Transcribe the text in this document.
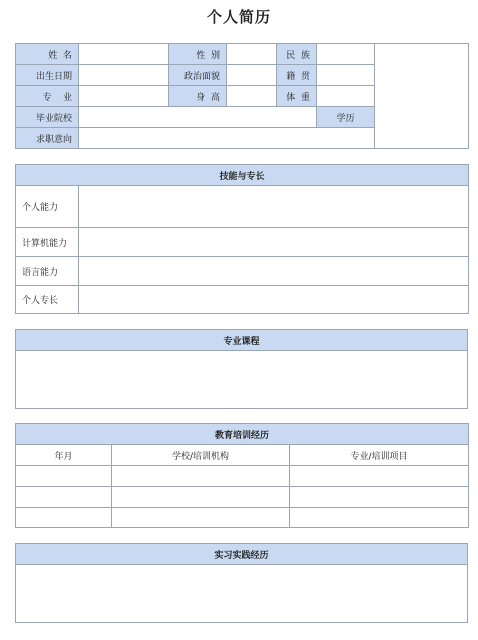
个人简历
姓  名		性  别		民  族		
出生日期		政治面貌		籍  贯		
专    业		身  高		体  重		
毕业院校					学历	
求职意向						
技能与专长	
个人能力	
计算机能力	
语言能力	
个人专长	
专业课程

教育培训经历		
年月	学校/培训机构	专业/培训项目

实习实践经历
